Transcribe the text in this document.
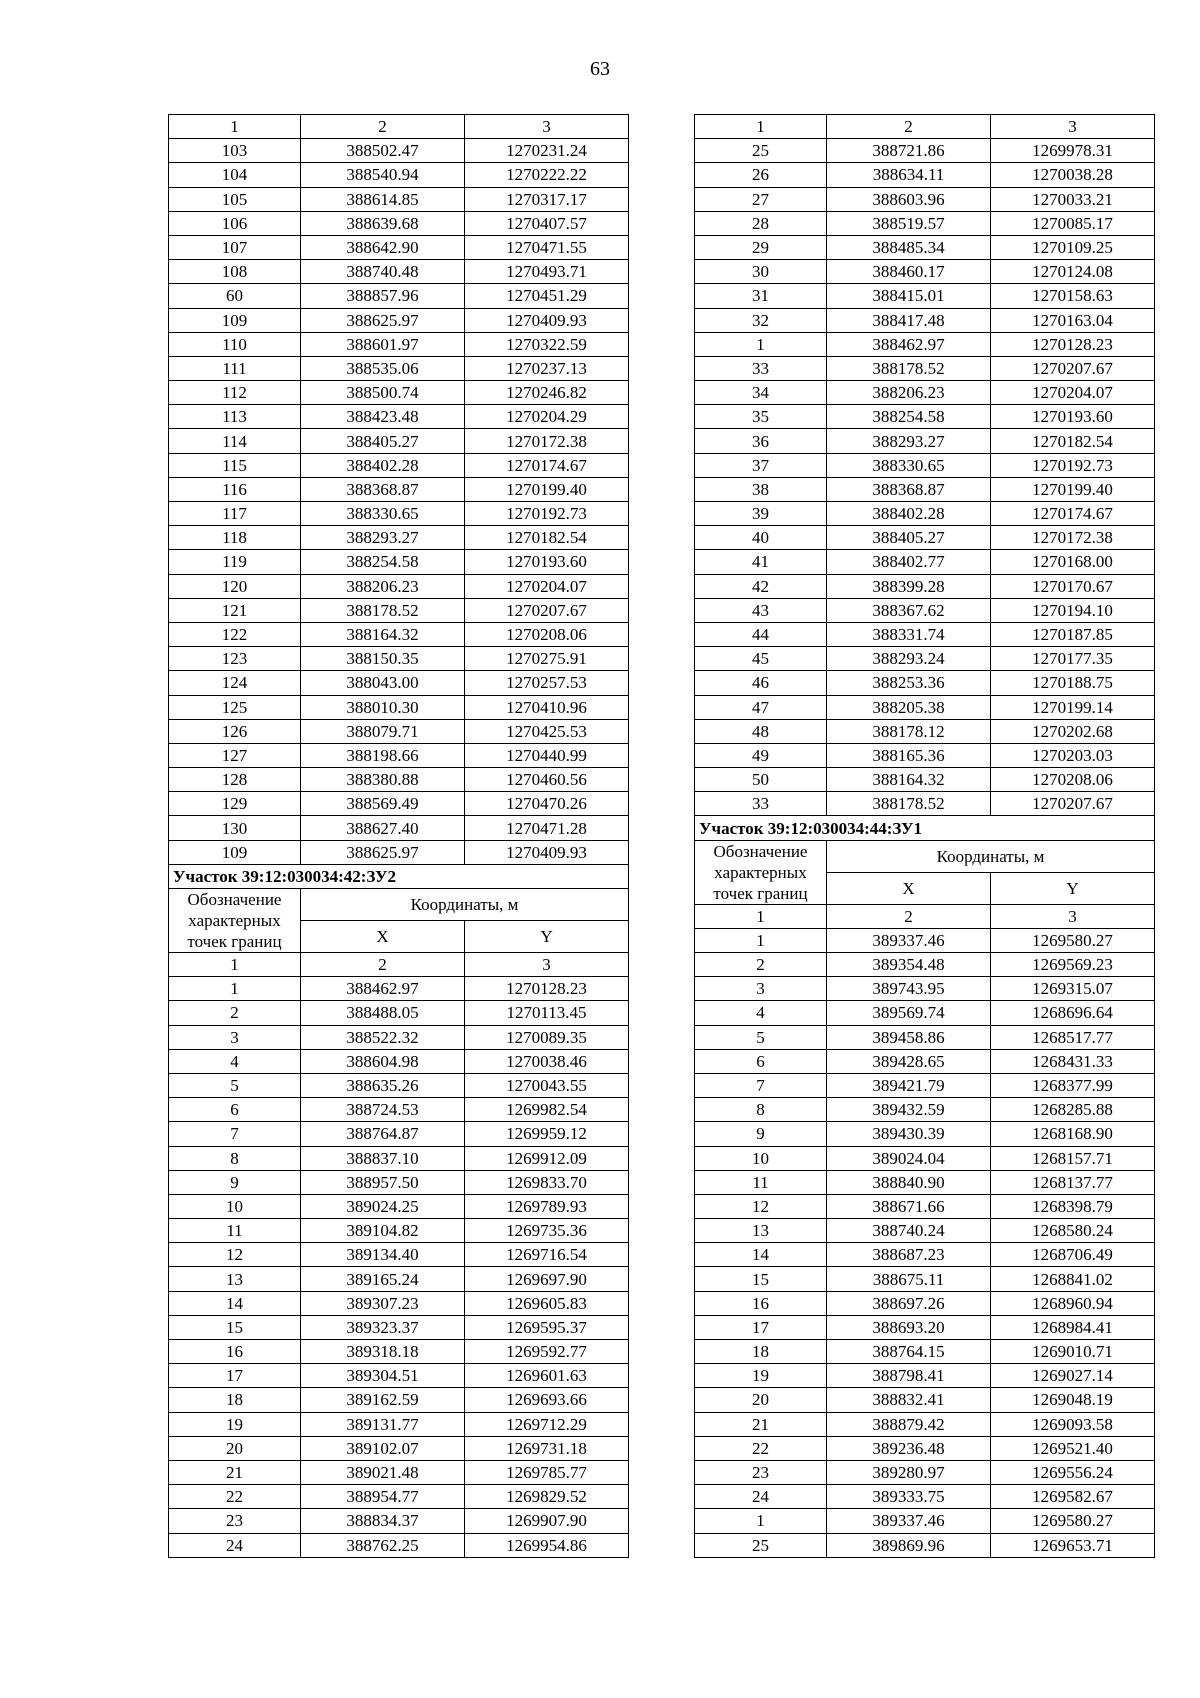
63
1	2	3
103	388502.47	1270231.24
104	388540.94	1270222.22
105	388614.85	1270317.17
106	388639.68	1270407.57
107	388642.90	1270471.55
108	388740.48	1270493.71
60	388857.96	1270451.29
109	388625.97	1270409.93
110	388601.97	1270322.59
111	388535.06	1270237.13
112	388500.74	1270246.82
113	388423.48	1270204.29
114	388405.27	1270172.38
115	388402.28	1270174.67
116	388368.87	1270199.40
117	388330.65	1270192.73
118	388293.27	1270182.54
119	388254.58	1270193.60
120	388206.23	1270204.07
121	388178.52	1270207.67
122	388164.32	1270208.06
123	388150.35	1270275.91
124	388043.00	1270257.53
125	388010.30	1270410.96
126	388079.71	1270425.53
127	388198.66	1270440.99
128	388380.88	1270460.56
129	388569.49	1270470.26
130	388627.40	1270471.28
109	388625.97	1270409.93
Участок 39:12:030034:42:ЗУ2		
Обозначение характерных точек границ	Координаты, м	
	X	Y
1	2	3
1	388462.97	1270128.23
2	388488.05	1270113.45
3	388522.32	1270089.35
4	388604.98	1270038.46
5	388635.26	1270043.55
6	388724.53	1269982.54
7	388764.87	1269959.12
8	388837.10	1269912.09
9	388957.50	1269833.70
10	389024.25	1269789.93
11	389104.82	1269735.36
12	389134.40	1269716.54
13	389165.24	1269697.90
14	389307.23	1269605.83
15	389323.37	1269595.37
16	389318.18	1269592.77
17	389304.51	1269601.63
18	389162.59	1269693.66
19	389131.77	1269712.29
20	389102.07	1269731.18
21	389021.48	1269785.77
22	388954.77	1269829.52
23	388834.37	1269907.90
24	388762.25	1269954.86
1	2	3
25	388721.86	1269978.31
26	388634.11	1270038.28
27	388603.96	1270033.21
28	388519.57	1270085.17
29	388485.34	1270109.25
30	388460.17	1270124.08
31	388415.01	1270158.63
32	388417.48	1270163.04
1	388462.97	1270128.23
33	388178.52	1270207.67
34	388206.23	1270204.07
35	388254.58	1270193.60
36	388293.27	1270182.54
37	388330.65	1270192.73
38	388368.87	1270199.40
39	388402.28	1270174.67
40	388405.27	1270172.38
41	388402.77	1270168.00
42	388399.28	1270170.67
43	388367.62	1270194.10
44	388331.74	1270187.85
45	388293.24	1270177.35
46	388253.36	1270188.75
47	388205.38	1270199.14
48	388178.12	1270202.68
49	388165.36	1270203.03
50	388164.32	1270208.06
33	388178.52	1270207.67
Участок 39:12:030034:44:ЗУ1		
Обозначение характерных точек границ	Координаты, м	
	X	Y
1	2	3
1	389337.46	1269580.27
2	389354.48	1269569.23
3	389743.95	1269315.07
4	389569.74	1268696.64
5	389458.86	1268517.77
6	389428.65	1268431.33
7	389421.79	1268377.99
8	389432.59	1268285.88
9	389430.39	1268168.90
10	389024.04	1268157.71
11	388840.90	1268137.77
12	388671.66	1268398.79
13	388740.24	1268580.24
14	388687.23	1268706.49
15	388675.11	1268841.02
16	388697.26	1268960.94
17	388693.20	1268984.41
18	388764.15	1269010.71
19	388798.41	1269027.14
20	388832.41	1269048.19
21	388879.42	1269093.58
22	389236.48	1269521.40
23	389280.97	1269556.24
24	389333.75	1269582.67
1	389337.46	1269580.27
25	389869.96	1269653.71
